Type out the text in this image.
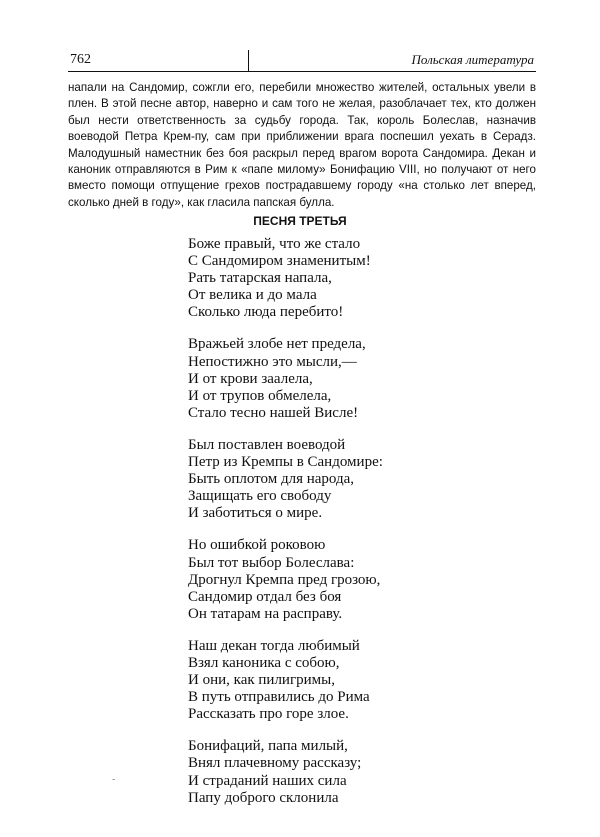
762	Польская литература

напали на Сандомир, сожгли его, перебили множество жителей, остальных увели в плен. В этой песне автор, наверно и сам того не желая, разоблачает тех, кто должен был нести ответственность за судьбу города. Так, король Болеслав, назначив воеводой Петра Крем-пу, сам при приближении врага поспешил уехать в Серадз. Малодушный наместник без боя раскрыл перед врагом ворота Сандомира. Декан и каноник отправляются в Рим к «папе милому» Бонифацию VIII, но получают от него вместо помощи отпущение грехов пострадавшему городу «на столько лет вперед, сколько дней в году», как гласила папская булла.

ПЕСНЯ ТРЕТЬЯ
Боже правый, что же стало
С Сандомиром знаменитым!
Рать татарская напала,
От велика и до мала
Сколько люда перебито!
Вражьей злобе нет предела,
Непостижно это мысли,—
И от крови заалела,
И от трупов обмелела,
Стало тесно нашей Висле!
Был поставлен воеводой
Петр из Кремпы в Сандомире:
Быть оплотом для народа,
Защищать его свободу
И заботиться о мире.
Но ошибкой роковою
Был тот выбор Болеслава:
Дрогнул Кремпа пред грозою,
Сандомир отдал без боя
Он татарам на расправу.
Наш декан тогда любимый
Взял каноника с собою,
И они, как пилигримы,
В путь отправились до Рима
Рассказать про горе злое.
Бонифаций, папа милый,
Внял плачевному рассказу;
И страданий наших сила
Папу доброго склонила
-
